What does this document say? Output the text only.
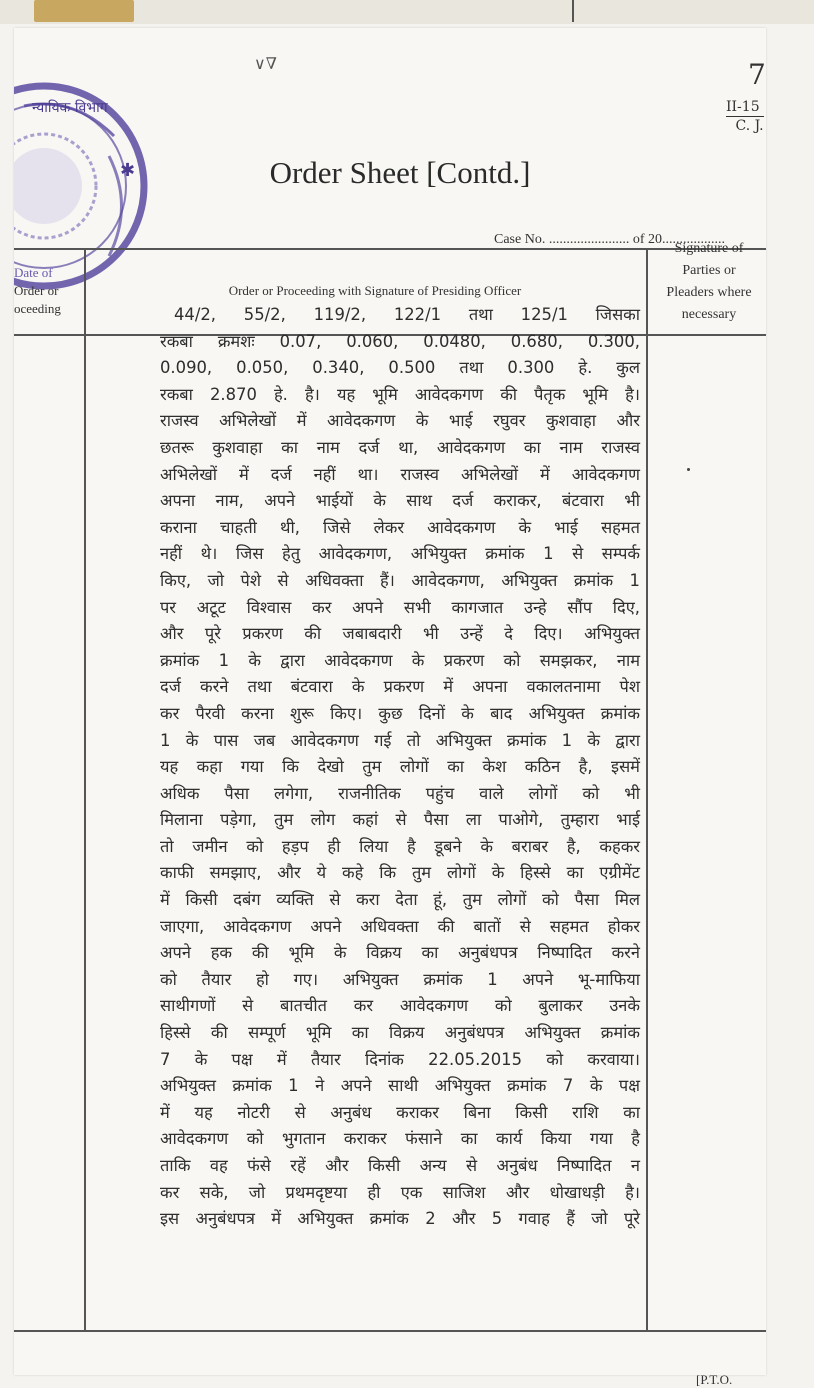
∨∇
न्यायिक विभाग
✱
7
II-15
C. J.
Order Sheet [Contd.]
Case No. ....................... of 20..................
[P.T.O.
Date of
Order or
oceeding
Order or Proceeding with Signature of Presiding Officer
Signature of
Parties or
Pleaders where
necessary
44/2, 55/2, 119/2, 122/1 तथा 125/1 जिसका
रकबा क्रमशः 0.07, 0.060, 0.0480, 0.680, 0.300,
0.090, 0.050, 0.340, 0.500 तथा 0.300 हे. कुल
रकबा 2.870 हे. है। यह भूमि आवेदकगण की पैतृक भूमि है।
राजस्व अभिलेखों में आवेदकगण के भाई रघुवर कुशवाहा और
छतरू कुशवाहा का नाम दर्ज था, आवेदकगण का नाम राजस्व
अभिलेखों में दर्ज नहीं था। राजस्व अभिलेखों में आवेदकगण
अपना नाम, अपने भाईयों के साथ दर्ज कराकर, बंटवारा भी
कराना चाहती थी, जिसे लेकर आवेदकगण के भाई सहमत
नहीं थे। जिस हेतु आवेदकगण, अभियुक्त क्रमांक 1 से सम्पर्क
किए, जो पेशे से अधिवक्ता हैं। आवेदकगण, अभियुक्त क्रमांक 1
पर अटूट विश्वास कर अपने सभी कागजात उन्हे सौंप दिए,
और पूरे प्रकरण की जबाबदारी भी उन्हें दे दिए। अभियुक्त
क्रमांक 1 के द्वारा आवेदकगण के प्रकरण को समझकर, नाम
दर्ज करने तथा बंटवारा के प्रकरण में अपना वकालतनामा पेश
कर पैरवी करना शुरू किए। कुछ दिनों के बाद अभियुक्त क्रमांक
1 के पास जब आवेदकगण गई तो अभियुक्त क्रमांक 1 के द्वारा
यह कहा गया कि देखो तुम लोगों का केश कठिन है, इसमें
अधिक पैसा लगेगा, राजनीतिक पहुंच वाले लोगों को भी
मिलाना पड़ेगा, तुम लोग कहां से पैसा ला पाओगे, तुम्हारा भाई
तो जमीन को हड़प ही लिया है डूबने के बराबर है, कहकर
काफी समझाए, और ये कहे कि तुम लोगों के हिस्से का एग्रीमेंट
में किसी दबंग व्यक्ति से करा देता हूं, तुम लोगों को पैसा मिल
जाएगा, आवेदकगण अपने अधिवक्ता की बातों से सहमत होकर
अपने हक की भूमि के विक्रय का अनुबंधपत्र निष्पादित करने
को तैयार हो गए। अभियुक्त क्रमांक 1 अपने भू-माफिया
साथीगणों से बातचीत कर आवेदकगण को बुलाकर उनके
हिस्से की सम्पूर्ण भूमि का विक्रय अनुबंधपत्र अभियुक्त क्रमांक
7 के पक्ष में तैयार दिनांक 22.05.2015 को करवाया।
अभियुक्त क्रमांक 1 ने अपने साथी अभियुक्त क्रमांक 7 के पक्ष
में यह नोटरी से अनुबंध कराकर बिना किसी राशि का
आवेदकगण को भुगतान कराकर फंसाने का कार्य किया गया है
ताकि वह फंसे रहें और किसी अन्य से अनुबंध निष्पादित न
कर सके, जो प्रथमदृष्टया ही एक साजिश और धोखाधड़ी है।
इस अनुबंधपत्र में अभियुक्त क्रमांक 2 और 5 गवाह हैं जो पूरे
